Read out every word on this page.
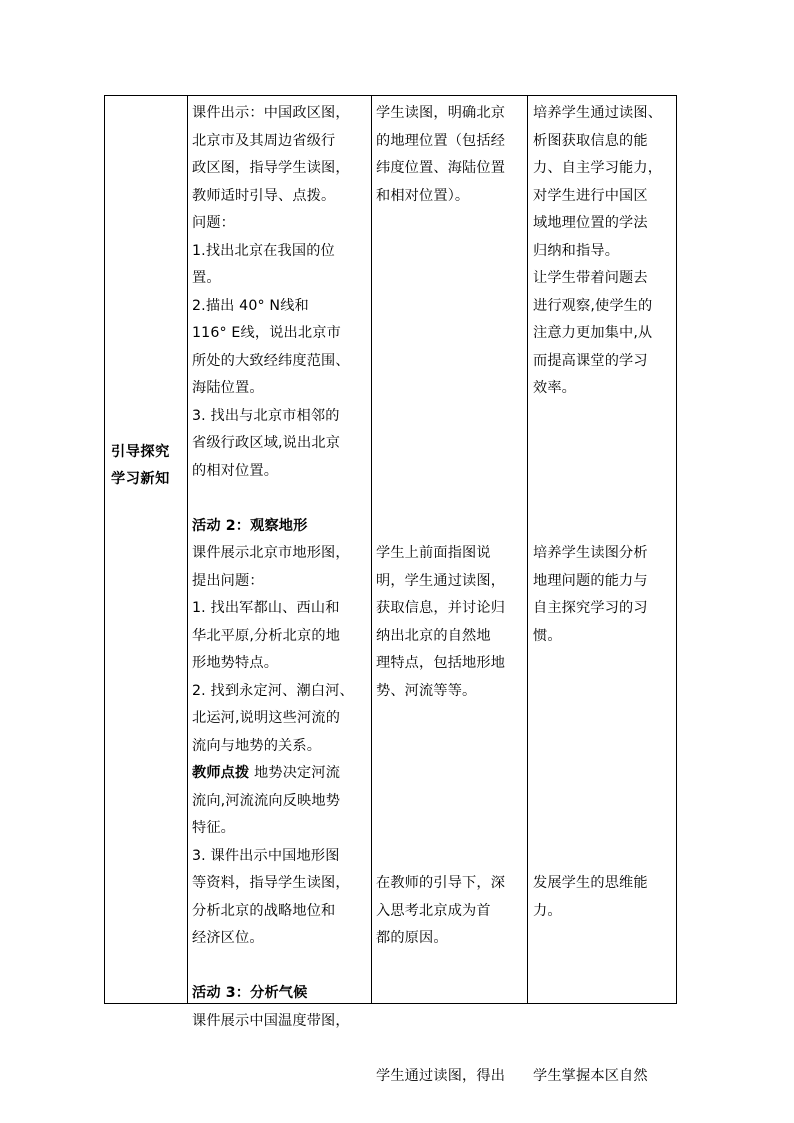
引导探究
学习新知
课件出示：中国政区图，
北京市及其周边省级行
政区图，指导学生读图，
教师适时引导、点拨。
问题：
1.找出北京在我国的位
置。
2.描出 40° N线和
116° E线，说出北京市
所处的大致经纬度范围、
海陆位置。
3. 找出与北京市相邻的
省级行政区域,说出北京
的相对位置。
活动 2：观察地形
课件展示北京市地形图，
提出问题：
1. 找出军都山、西山和
华北平原,分析北京的地
形地势特点。
2. 找到永定河、潮白河、
北运河,说明这些河流的
流向与地势的关系。
教师点拨 地势决定河流
流向,河流流向反映地势
特征。
3. 课件出示中国地形图
等资料，指导学生读图，
分析北京的战略地位和
经济区位。
活动 3：分析气候
课件展示中国温度带图，
学生读图，明确北京
的地理位置（包括经
纬度位置、海陆位置
和相对位置）。
学生上前面指图说
明，学生通过读图，
获取信息，并讨论归
纳出北京的自然地
理特点，包括地形地
势、河流等等。
在教师的引导下，深
入思考北京成为首
都的原因。
学生通过读图，得出
培养学生通过读图、
析图获取信息的能
力、自主学习能力，
对学生进行中国区
域地理位置的学法
归纳和指导。
让学生带着问题去
进行观察,使学生的
注意力更加集中,从
而提高课堂的学习
效率。
培养学生读图分析
地理问题的能力与
自主探究学习的习
惯。
发展学生的思维能
力。
学生掌握本区自然
